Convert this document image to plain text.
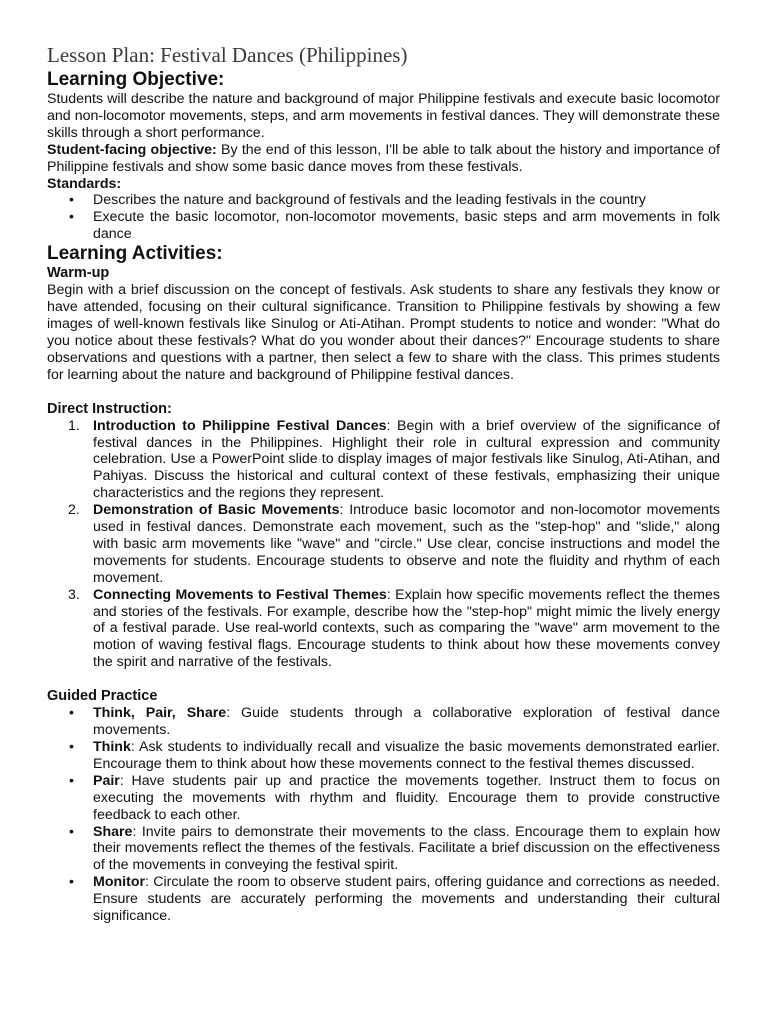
Lesson Plan: Festival Dances (Philippines)
Learning Objective:

Students will describe the nature and background of major Philippine festivals and execute basic locomotor and non-locomotor movements, steps, and arm movements in festival dances. They will demonstrate these skills through a short performance.

Student-facing objective: By the end of this lesson, I'll be able to talk about the history and importance of Philippine festivals and show some basic dance moves from these festivals.

Standards:

• Describes the nature and background of festivals and the leading festivals in the country
• Execute the basic locomotor, non-locomotor movements, basic steps and arm movements in folk dance
Learning Activities:
Warm-up

Begin with a brief discussion on the concept of festivals. Ask students to share any festivals they know or have attended, focusing on their cultural significance. Transition to Philippine festivals by showing a few images of well-known festivals like Sinulog or Ati-Atihan. Prompt students to notice and wonder: "What do you notice about these festivals? What do you wonder about their dances?" Encourage students to share observations and questions with a partner, then select a few to share with the class. This primes students for learning about the nature and background of Philippine festival dances.

Direct Instruction:
1. Introduction to Philippine Festival Dances: Begin with a brief overview of the significance of festival dances in the Philippines. Highlight their role in cultural expression and community celebration. Use a PowerPoint slide to display images of major festivals like Sinulog, Ati-Atihan, and Pahiyas. Discuss the historical and cultural context of these festivals, emphasizing their unique characteristics and the regions they represent.
2. Demonstration of Basic Movements: Introduce basic locomotor and non-locomotor movements used in festival dances. Demonstrate each movement, such as the "step-hop" and "slide," along with basic arm movements like "wave" and "circle." Use clear, concise instructions and model the movements for students. Encourage students to observe and note the fluidity and rhythm of each movement.
3. Connecting Movements to Festival Themes: Explain how specific movements reflect the themes and stories of the festivals. For example, describe how the "step-hop" might mimic the lively energy of a festival parade. Use real-world contexts, such as comparing the "wave" arm movement to the motion of waving festival flags. Encourage students to think about how these movements convey the spirit and narrative of the festivals.
Guided Practice
• Think, Pair, Share: Guide students through a collaborative exploration of festival dance movements.
• Think: Ask students to individually recall and visualize the basic movements demonstrated earlier. Encourage them to think about how these movements connect to the festival themes discussed.
• Pair: Have students pair up and practice the movements together. Instruct them to focus on executing the movements with rhythm and fluidity. Encourage them to provide constructive feedback to each other.
• Share: Invite pairs to demonstrate their movements to the class. Encourage them to explain how their movements reflect the themes of the festivals. Facilitate a brief discussion on the effectiveness of the movements in conveying the festival spirit.
• Monitor: Circulate the room to observe student pairs, offering guidance and corrections as needed. Ensure students are accurately performing the movements and understanding their cultural significance.
